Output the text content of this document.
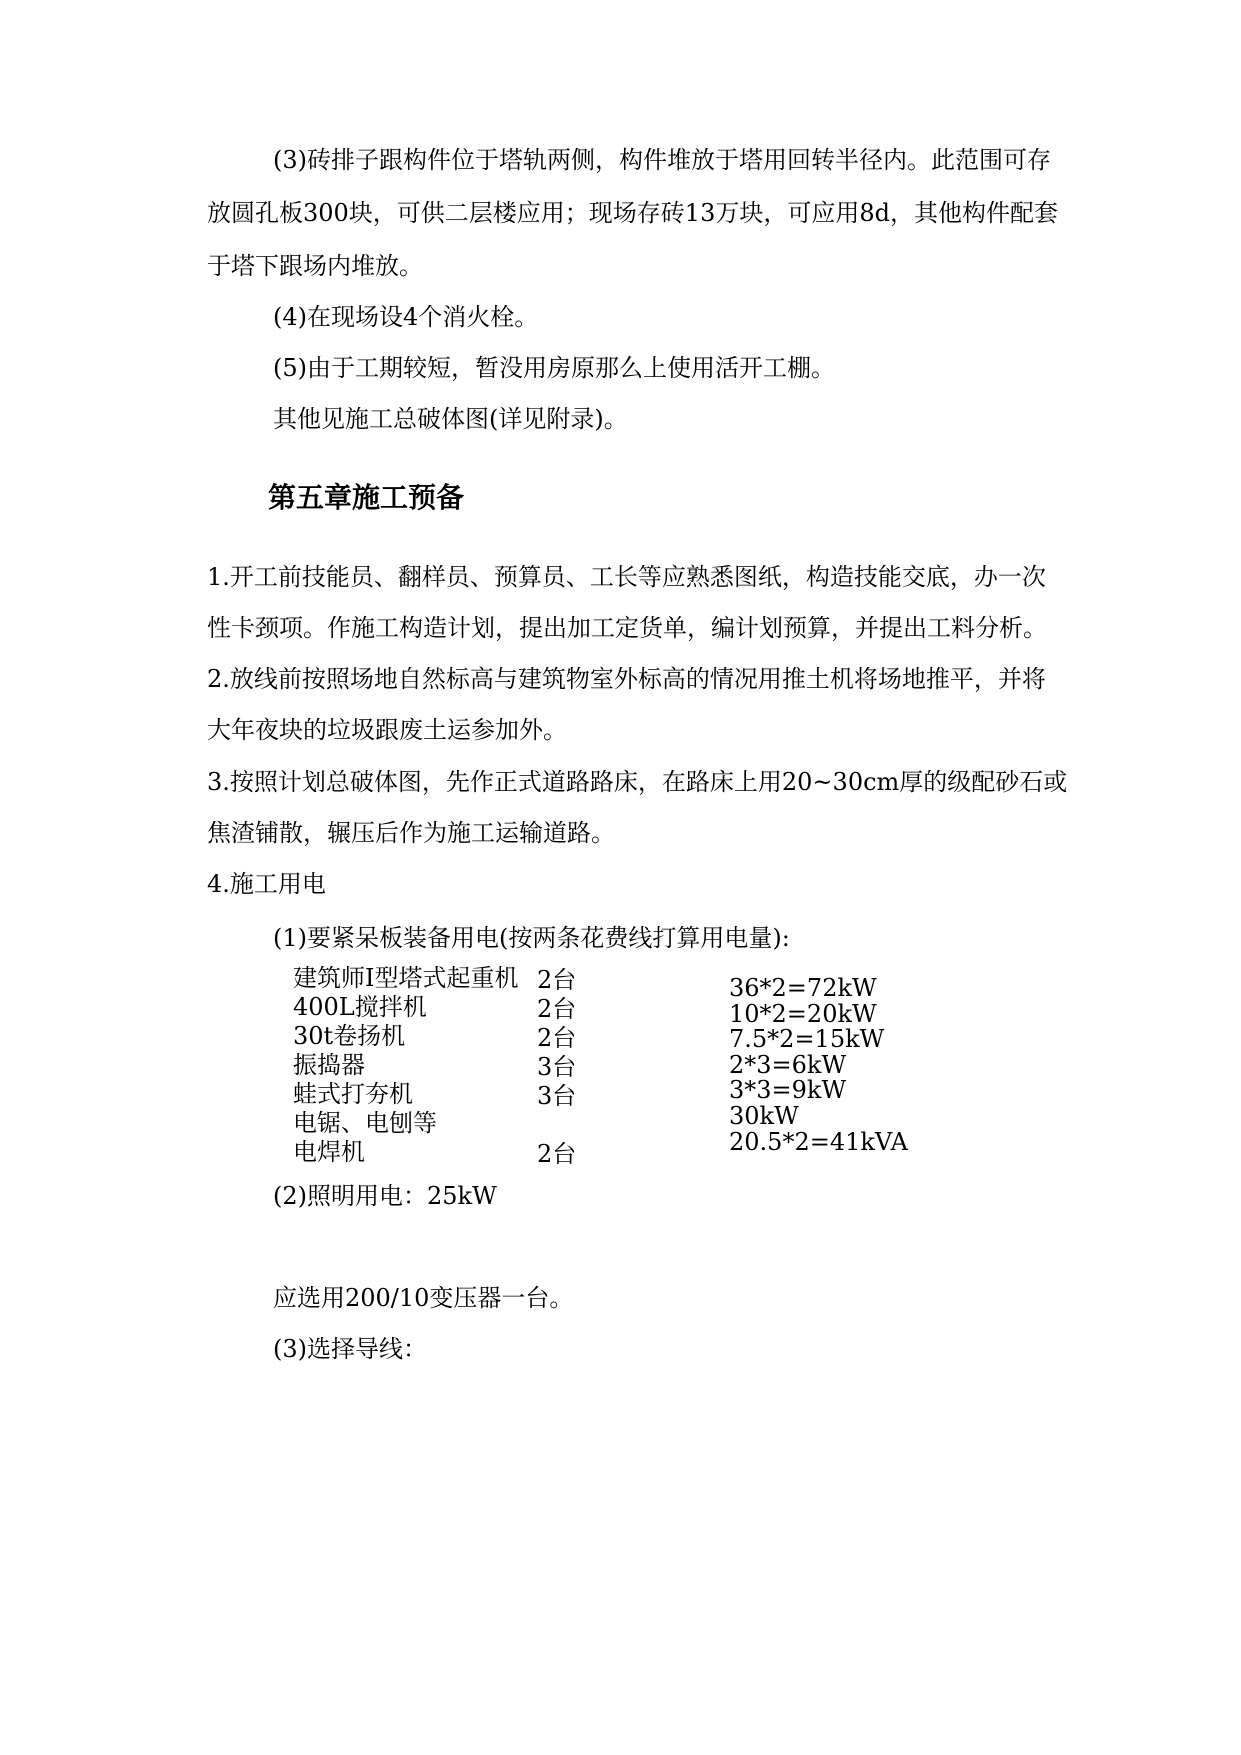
(3)砖排子跟构件位于塔轨两侧，构件堆放于塔用回转半径内。此范围可存
放圆孔板300块，可供二层楼应用；现场存砖13万块，可应用8d，其他构件配套
于塔下跟场内堆放。
(4)在现场设4个消火栓。
(5)由于工期较短，暂没用房原那么上使用活开工棚。
其他见施工总破体图(详见附录)。
第五章施工预备
1.开工前技能员、翻样员、预算员、工长等应熟悉图纸，构造技能交底，办一次
性卡颈项。作施工构造计划，提出加工定货单，编计划预算，并提出工料分析。
2.放线前按照场地自然标高与建筑物室外标高的情况用推土机将场地推平，并将
大年夜块的垃圾跟废土运参加外。
3.按照计划总破体图，先作正式道路路床，在路床上用20~30cm厚的级配砂石或
焦渣铺散，辗压后作为施工运输道路。
4.施工用电
(1)要紧呆板装备用电(按两条花费线打算用电量):
建筑师I型塔式起重机
400L搅拌机
30t卷扬机
振捣器
蛙式打夯机
电锯、电刨等
电焊机
2台
2台
2台
3台
3台
2台
36*2=72kW
10*2=20kW
7.5*2=15kW
2*3=6kW
3*3=9kW
30kW
20.5*2=41kVA
(2)照明用电：25kW
应选用200/10变压器一台。
(3)选择导线：
